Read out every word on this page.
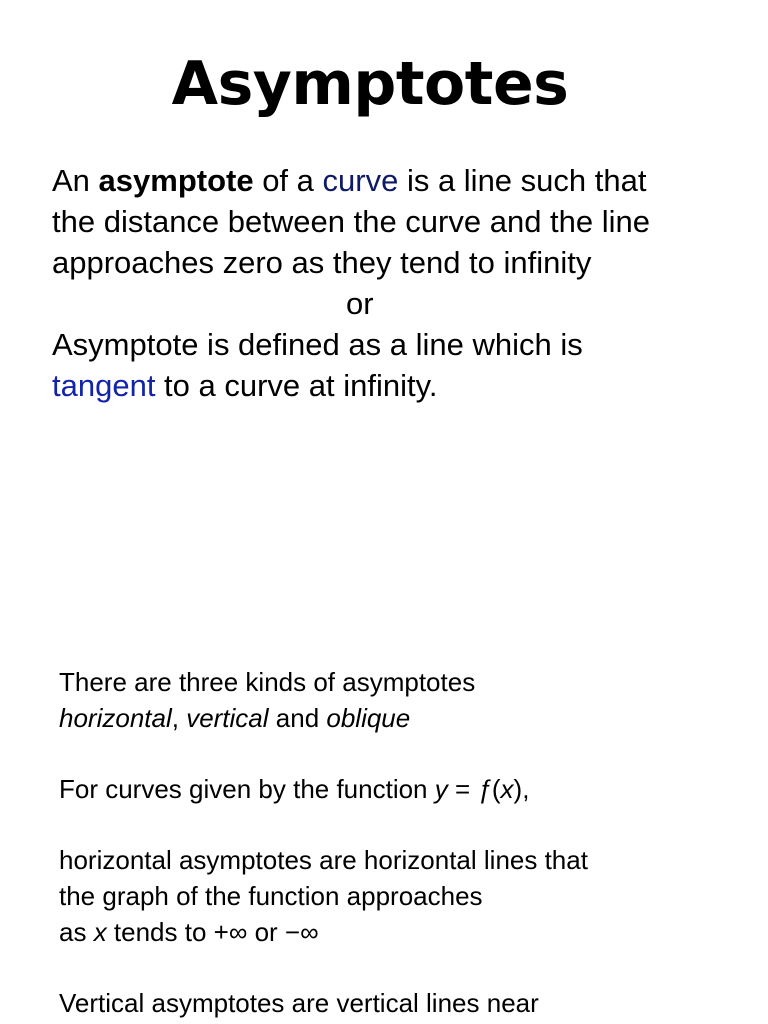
Asymptotes
An asymptote of a curve is a line such that
the distance between the curve and the line
approaches zero as they tend to infinity
or
Asymptote is defined as a line which is
tangent to a curve at infinity.
There are three kinds of asymptotes
horizontal, vertical and oblique
For curves given by the function y = ƒ(x),
horizontal asymptotes are horizontal lines that
the graph of the function approaches
as x tends to +∞ or −∞
Vertical asymptotes are vertical lines near
